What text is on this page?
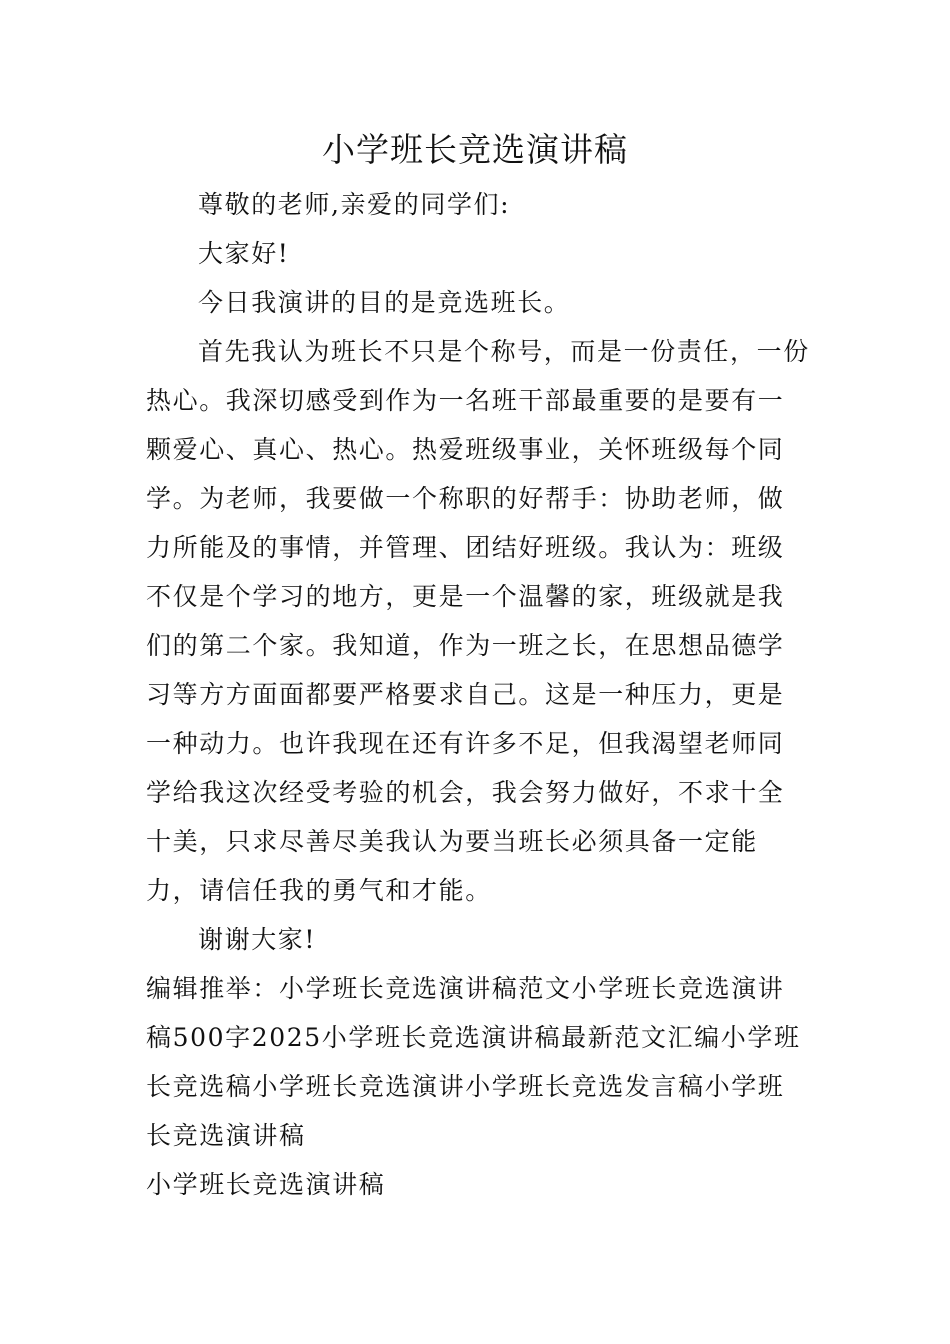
小学班长竞选演讲稿

尊敬的老师,亲爱的同学们:

大家好!

今日我演讲的目的是竞选班长。

首先我认为班长不只是个称号，而是一份责任，一份热心。我深切感受到作为一名班干部最重要的是要有一颗爱心、真心、热心。热爱班级事业，关怀班级每个同学。为老师，我要做一个称职的好帮手：协助老师，做力所能及的事情，并管理、团结好班级。我认为：班级不仅是个学习的地方，更是一个温馨的家，班级就是我们的第二个家。我知道，作为一班之长，在思想品德学习等方方面面都要严格要求自己。这是一种压力，更是一种动力。也许我现在还有许多不足，但我渴望老师同学给我这次经受考验的机会，我会努力做好，不求十全十美，只求尽善尽美我认为要当班长必须具备一定能力，请信任我的勇气和才能。

谢谢大家!

编辑推举：小学班长竞选演讲稿范文小学班长竞选演讲稿500字2025小学班长竞选演讲稿最新范文汇编小学班长竞选稿小学班长竞选演讲小学班长竞选发言稿小学班长竞选演讲稿

小学班长竞选演讲稿
